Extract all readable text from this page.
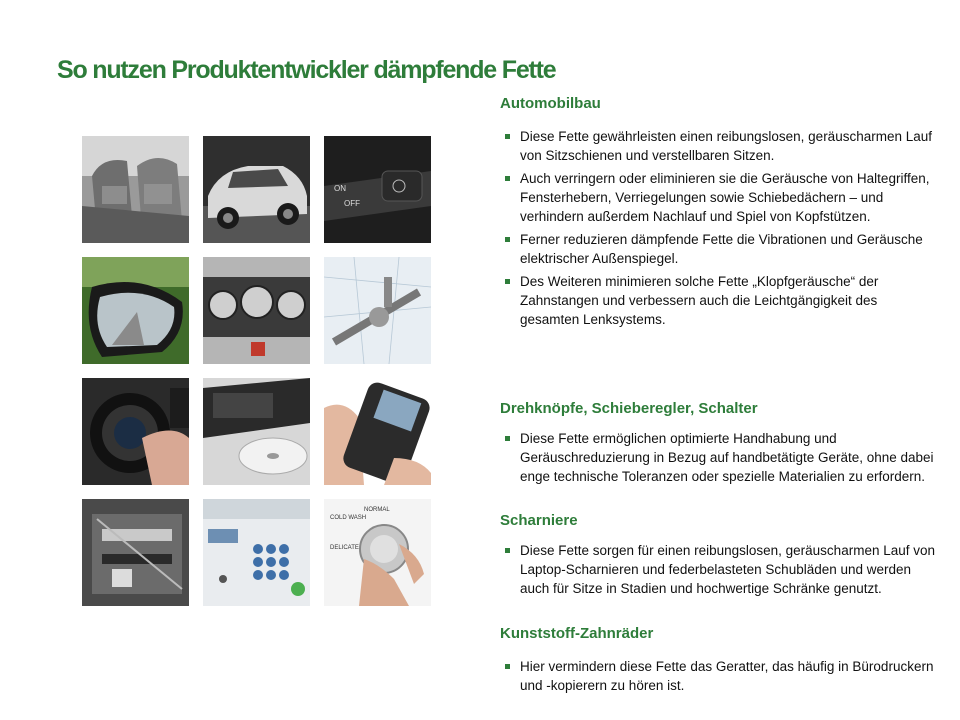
So nutzen Produktentwickler dämpfende Fette
ON
OFF
COLD WASH
NORMAL
DELICATE
Automobilbau
Diese Fette gewährleisten einen reibungslosen, geräuscharmen Lauf von Sitzschienen und verstellbaren Sitzen.
Auch verringern oder eliminieren sie die Geräusche von Haltegriffen, Fensterhebern, Verriegelungen sowie Schiebedächern – und verhindern außerdem Nachlauf und Spiel von Kopfstützen.
Ferner reduzieren dämpfende Fette die Vibrationen und Geräusche elektrischer Außenspiegel.
Des Weiteren minimieren solche Fette „Klopfgeräusche“ der Zahnstangen und verbessern auch die Leichtgängigkeit des gesamten Lenksystems.
Drehknöpfe, Schieberegler, Schalter
Diese Fette ermöglichen optimierte Handhabung und Geräuschreduzierung in Bezug auf handbetätigte Geräte, ohne dabei enge technische Toleranzen oder spezielle Materialien zu erfordern.
Scharniere
Diese Fette sorgen für einen reibungslosen, geräuscharmen Lauf von Laptop-Scharnieren und federbelasteten Schubläden und werden auch für Sitze in Stadien und hochwertige Schränke genutzt.
Kunststoff-Zahnräder
Hier vermindern diese Fette das Geratter, das häufig in Bürodruckern und -kopierern zu hören ist.
